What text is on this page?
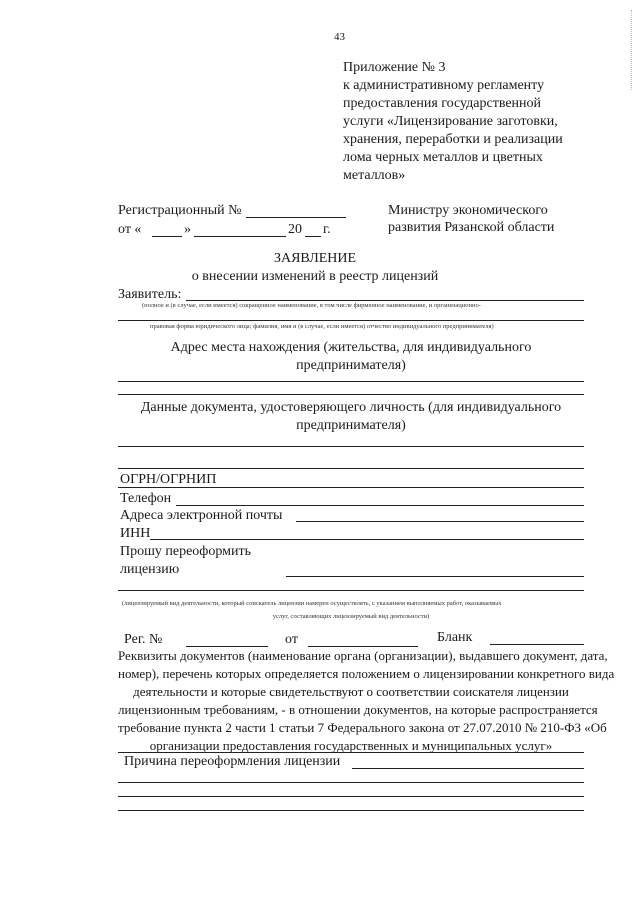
43
Приложение № 3
к административному регламенту
предоставления государственной
услуги «Лицензирование заготовки,
хранения, переработки и реализации
лома черных металлов и цветных
металлов»
Регистрационный №
от «	»	20 г.
Министру экономического
развития Рязанской области
ЗАЯВЛЕНИЕ
о внесении изменений в реестр лицензий
Заявитель:
(полное и (в случае, если имеется) сокращенное наименование, в том числе фирменное наименование, и организационно-
правовая форма юридического лица; фамилия, имя и (в случае, если имеется) отчество индивидуального предпринимателя)
Адрес места нахождения (жительства, для индивидуального
предпринимателя)
Данные документа, удостоверяющего личность (для индивидуального
предпринимателя)
ОГРН/ОГРНИП
Телефон
Адреса электронной почты
ИНН
Прошу переоформить
лицензию
(лицензируемый вид деятельности, который соискатель лицензии намерен осуществлять, с указанием выполняемых работ, оказываемых
услуг, составляющих лицензируемый вид деятельности)
Рег. №	от	Бланк
Реквизиты документов (наименование органа (организации), выдавшего документ, дата,
номер), перечень которых определяется положением о лицензировании конкретного вида
деятельности и которые свидетельствуют о соответствии соискателя лицензии
лицензионным требованиям, - в отношении документов, на которые распространяется
требование пункта 2 части 1 статьи 7 Федерального закона от 27.07.2010 № 210-ФЗ «Об
организации предоставления государственных и муниципальных услуг»
Причина переоформления лицензии
